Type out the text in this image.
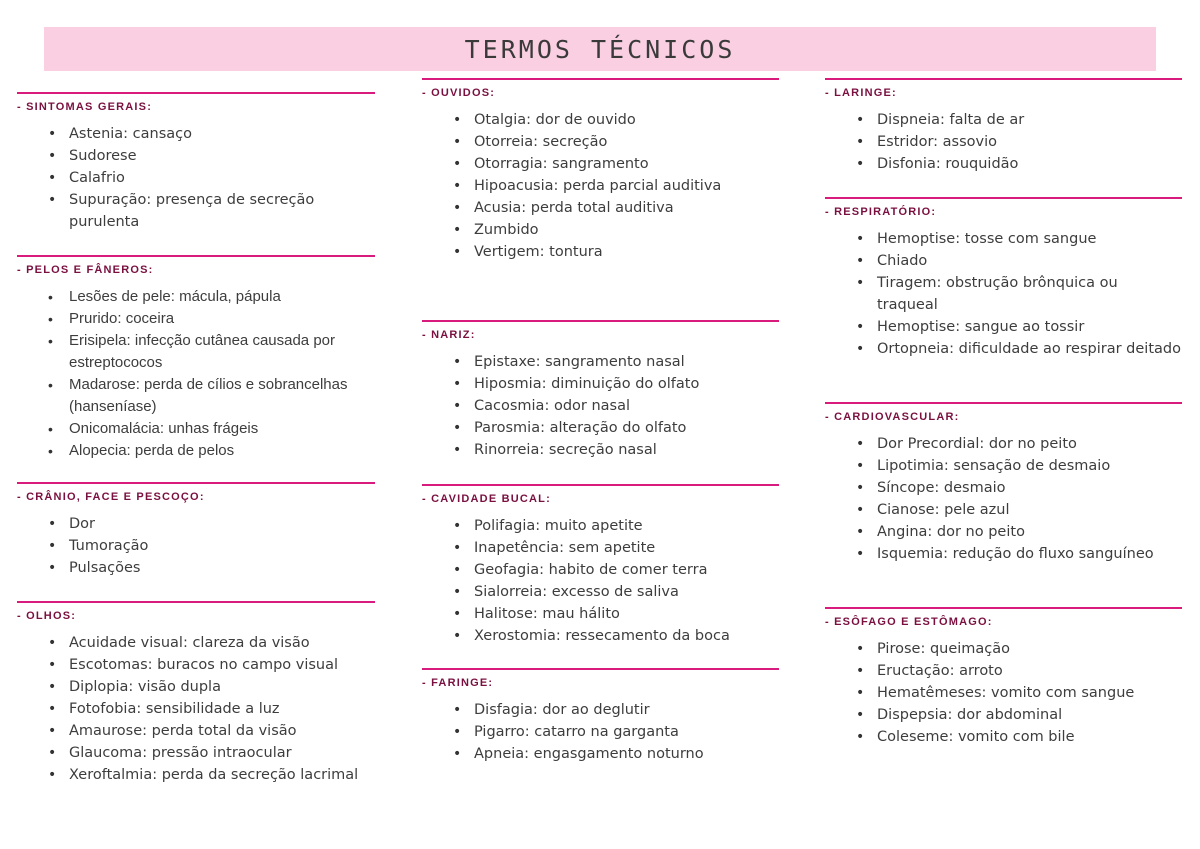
TERMOS TÉCNICOS
- SINTOMAS GERAIS:
• Astenia: cansaço
• Sudorese
• Calafrio
• Supuração: presença de secreção purulenta
- PELOS E FÂNEROS:
• Lesões de pele: mácula, pápula
• Prurido: coceira
• Erisipela: infecção cutânea causada por estreptococos
• Madarose: perda de cílios e sobrancelhas (hanseníase)
• Onicomalácia: unhas frágeis
• Alopecia: perda de pelos
- CRÂNIO, FACE E PESCOÇO:
• Dor
• Tumoração
• Pulsações
- OLHOS:
• Acuidade visual: clareza da visão
• Escotomas: buracos no campo visual
• Diplopia: visão dupla
• Fotofobia: sensibilidade a luz
• Amaurose: perda total da visão
• Glaucoma: pressão intraocular
• Xeroftalmia: perda da secreção lacrimal
- OUVIDOS:
• Otalgia: dor de ouvido
• Otorreia: secreção
• Otorragia: sangramento
• Hipoacusia: perda parcial auditiva
• Acusia: perda total auditiva
• Zumbido
• Vertigem: tontura
- NARIZ:
• Epistaxe: sangramento nasal
• Hiposmia: diminuição do olfato
• Cacosmia: odor nasal
• Parosmia: alteração do olfato
• Rinorreia: secreção nasal
- CAVIDADE BUCAL:
• Polifagia: muito apetite
• Inapetência: sem apetite
• Geofagia: habito de comer terra
• Sialorreia: excesso de saliva
• Halitose: mau hálito
• Xerostomia: ressecamento da boca
- FARINGE:
• Disfagia: dor ao deglutir
• Pigarro: catarro na garganta
• Apneia: engasgamento noturno
- LARINGE:
• Dispneia: falta de ar
• Estridor: assovio
• Disfonia: rouquidão
- RESPIRATÓRIO:
• Hemoptise: tosse com sangue
• Chiado
• Tiragem: obstrução brônquica ou traqueal
• Hemoptise: sangue ao tossir
• Ortopneia: dificuldade ao respirar deitado
- CARDIOVASCULAR:
• Dor Precordial: dor no peito
• Lipotimia: sensação de desmaio
• Síncope: desmaio
• Cianose: pele azul
• Angina: dor no peito
• Isquemia: redução do fluxo sanguíneo
- ESÔFAGO E ESTÔMAGO:
• Pirose: queimação
• Eructação: arroto
• Hematêmeses: vomito com sangue
• Dispepsia: dor abdominal
• Coleseme: vomito com bile
